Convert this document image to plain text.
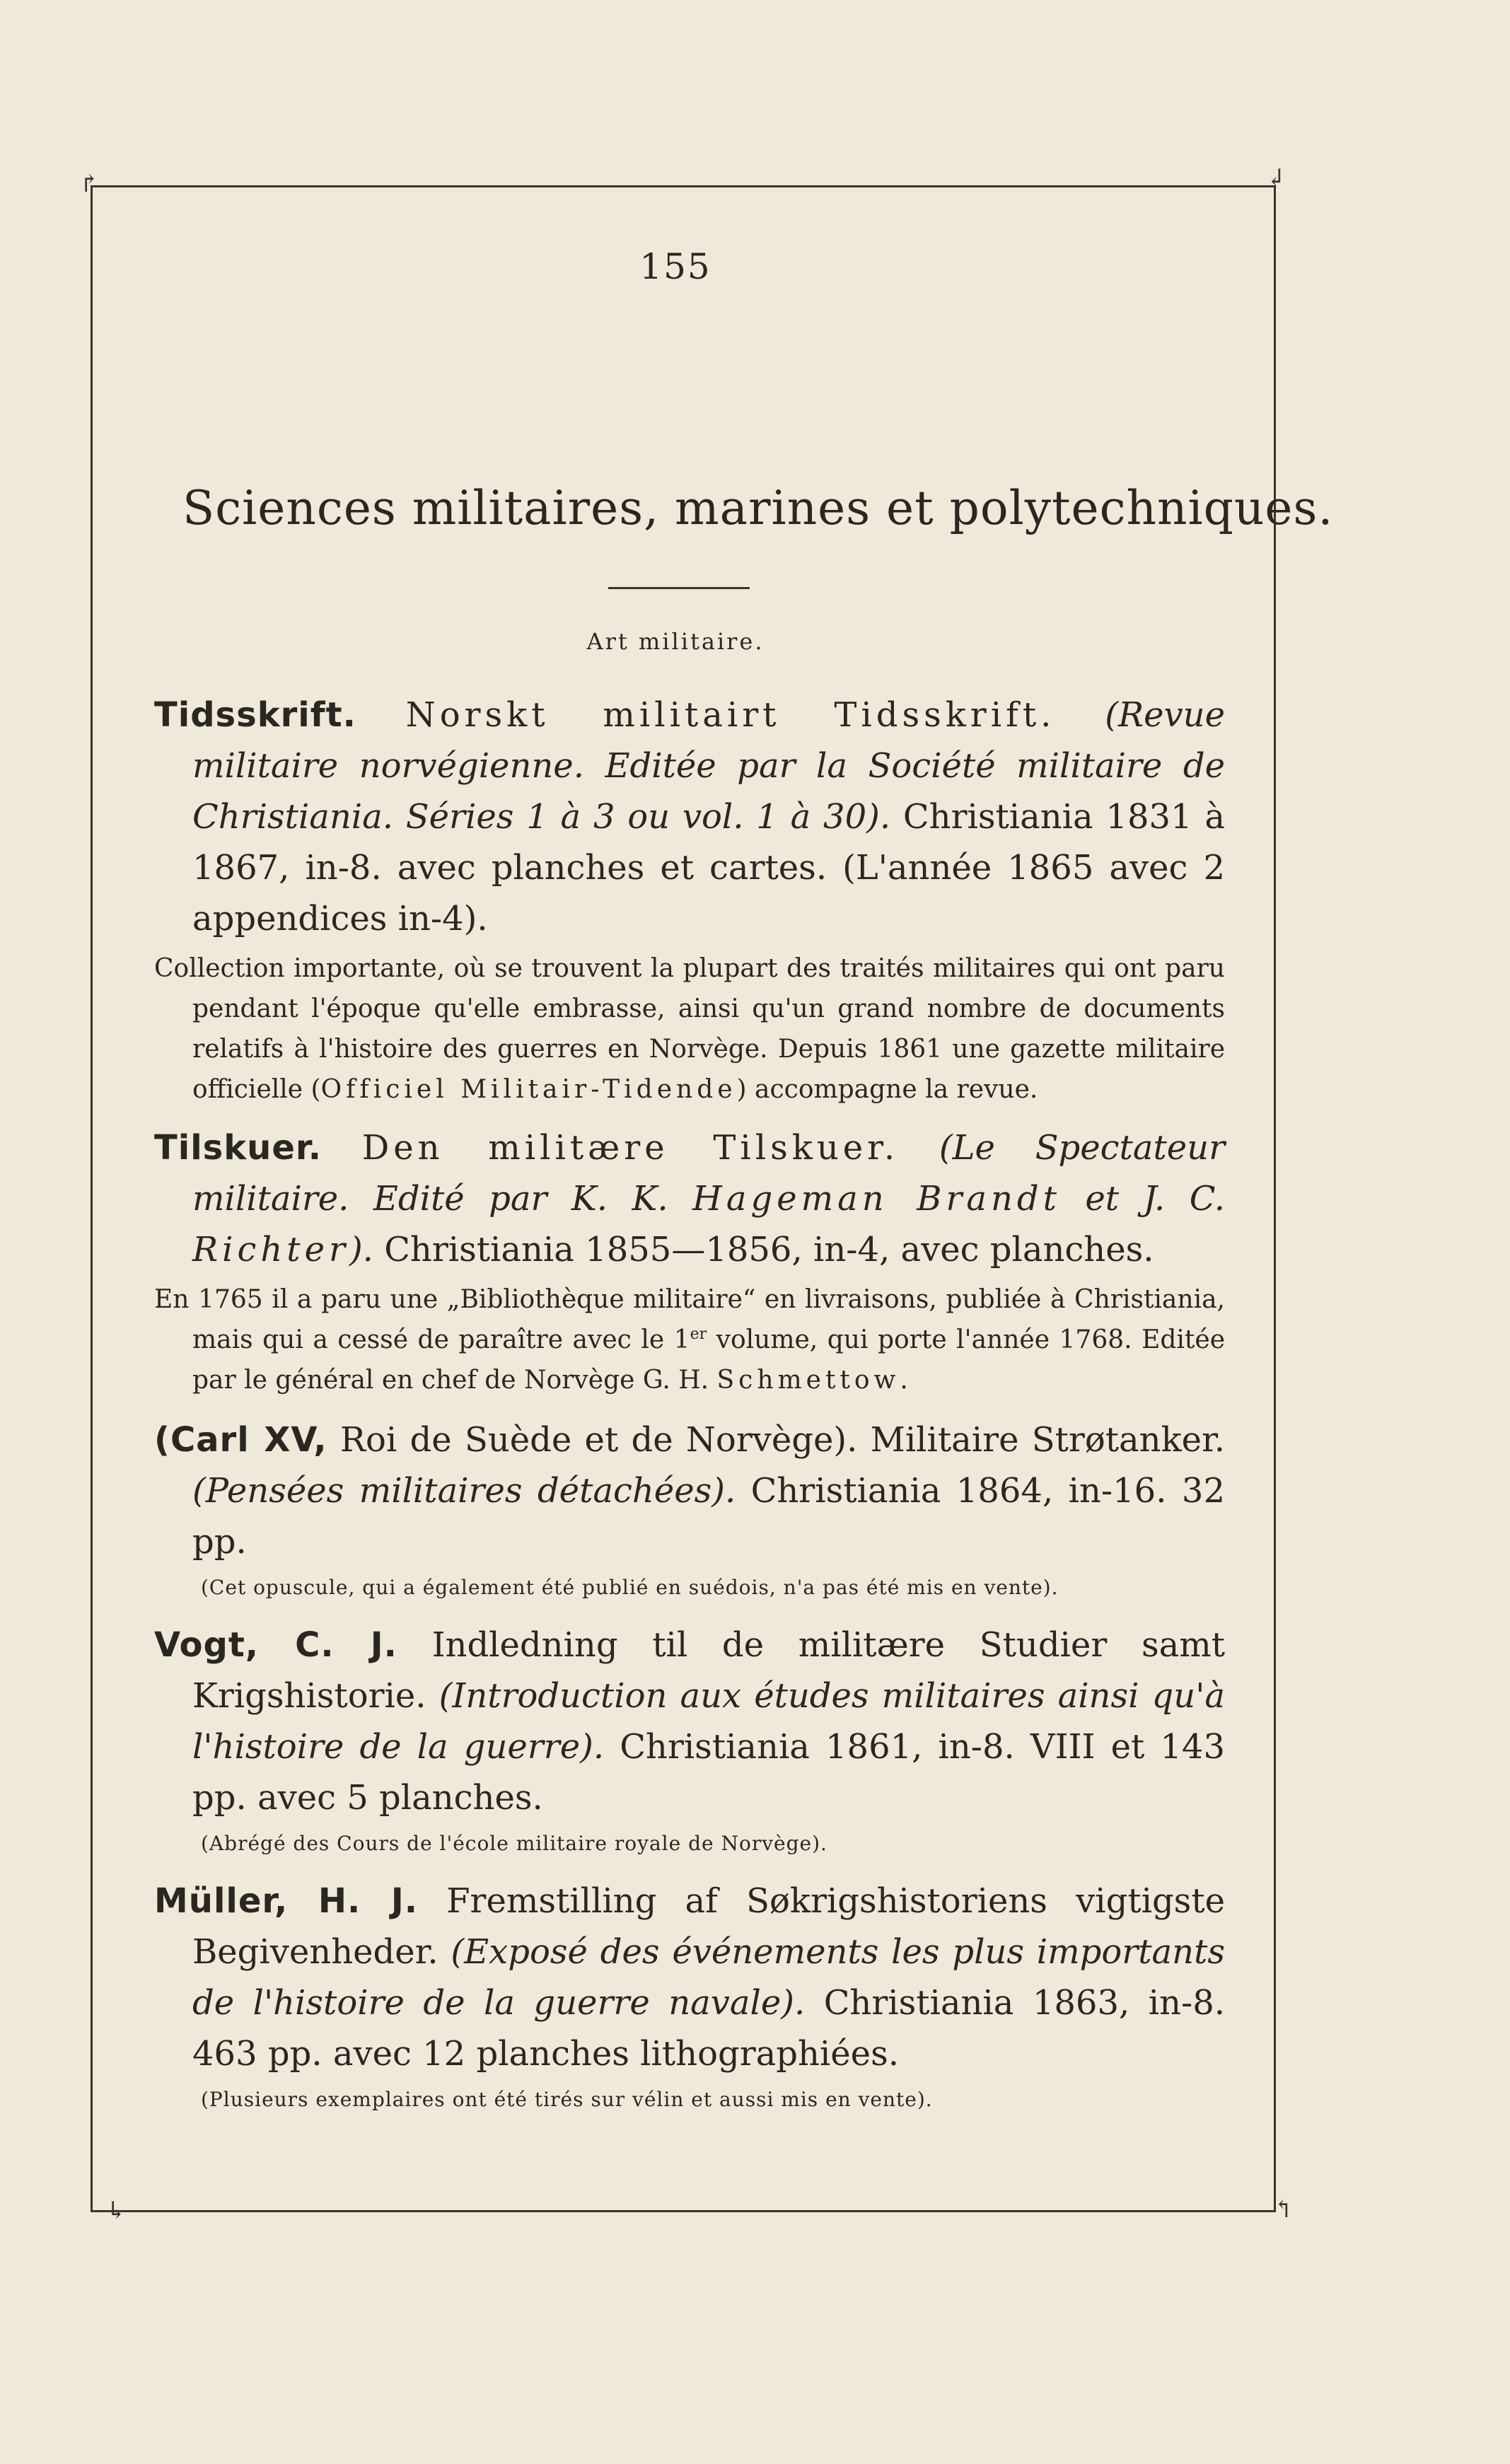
↱	↲
↳	↰
155
Sciences militaires, marines et polytechniques.
Art militaire.

Tidsskrift. Norskt militairt Tidsskrift. (Revue militaire norvégienne. Editée par la Société militaire de Christiania. Séries 1 à 3 ou vol. 1 à 30). Christiania 1831 à 1867, in-8. avec planches et cartes. (L'année 1865 avec 2 appendices in-4).

Collection importante, où se trouvent la plupart des traités militaires qui ont paru pendant l'époque qu'elle embrasse, ainsi qu'un grand nombre de documents relatifs à l'histoire des guerres en Norvège. Depuis 1861 une gazette militaire officielle (Officiel Militair-Tidende) accompagne la revue.

Tilskuer. Den militære Tilskuer. (Le Spectateur militaire. Edité par K. K. Hageman Brandt et J. C. Richter). Christiania 1855—1856, in-4, avec planches.

En 1765 il a paru une „Bibliothèque militaire“ en livraisons, publiée à Christiania, mais qui a cessé de paraître avec le 1er volume, qui porte l'année 1768. Editée par le général en chef de Norvège G. H. Schmettow.

(Carl XV, Roi de Suède et de Norvège). Militaire Strøtanker. (Pensées militaires détachées). Christiania 1864, in-16. 32 pp.

(Cet opuscule, qui a également été publié en suédois, n'a pas été mis en vente).

Vogt, C. J. Indledning til de militære Studier samt Krigshistorie. (Introduction aux études militaires ainsi qu'à l'histoire de la guerre). Christiania 1861, in-8. VIII et 143 pp. avec 5 planches.

(Abrégé des Cours de l'école militaire royale de Norvège).

Müller, H. J. Fremstilling af Søkrigshistoriens vigtigste Begivenheder. (Exposé des événements les plus importants de l'histoire de la guerre navale). Christiania 1863, in-8. 463 pp. avec 12 planches lithographiées.

(Plusieurs exemplaires ont été tirés sur vélin et aussi mis en vente).
